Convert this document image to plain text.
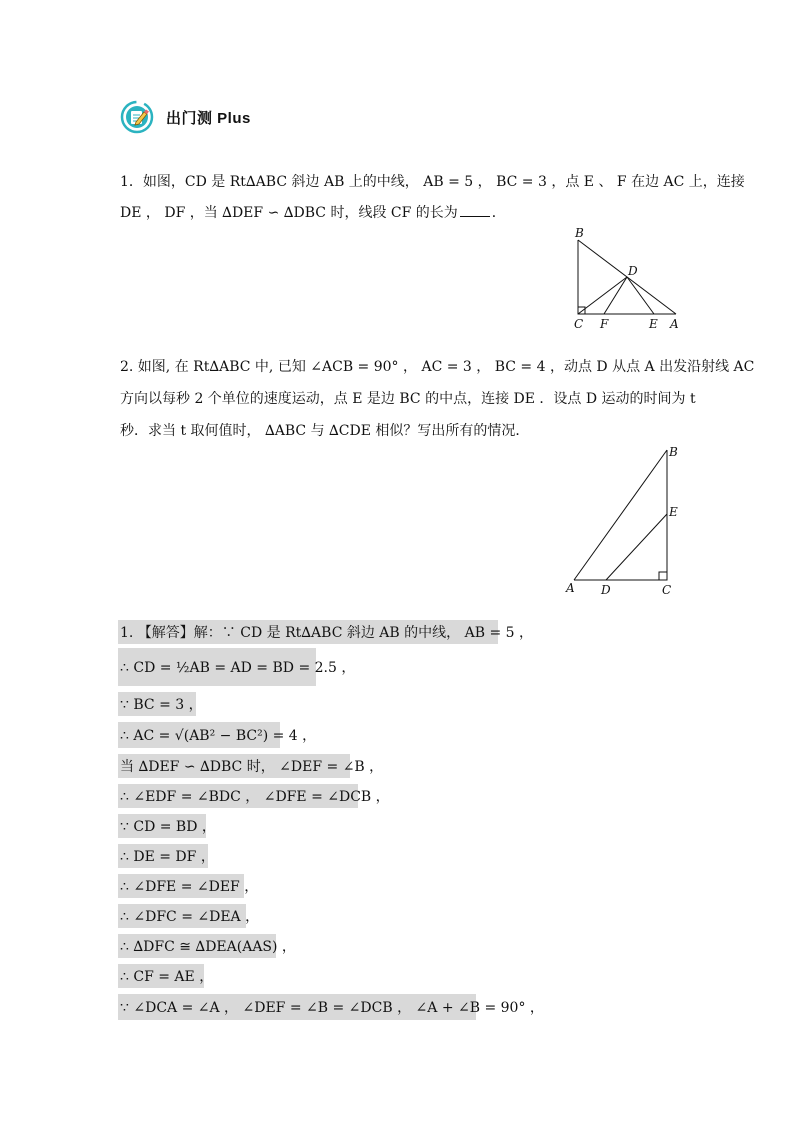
出门测 Plus
1．如图，CD 是 Rt∆ABC 斜边 AB 上的中线， AB = 5 ， BC = 3 ，点 E 、 F 在边 AC 上，连接
DE ， DF ，当 ∆DEF ∽ ∆DBC 时，线段 CF 的长为 ．
B
D
C F	E A
2. 如图, 在 Rt∆ABC 中, 已知 ∠ACB = 90° ， AC = 3 ， BC = 4 ，动点 D 从点 A 出发沿射线 AC
方向以每秒 2 个单位的速度运动，点 E 是边 BC 的中点，连接 DE ．设点 D 运动的时间为 t
秒．求当 t 取何值时， ∆ABC 与 ∆CDE 相似？写出所有的情况．
B
E
A D	C
1. 【解答】解：∵ CD 是 Rt∆ABC 斜边 AB 的中线， AB = 5 ，
∴ CD = ½AB = AD = BD = 2.5 ，
∵ BC = 3 ，
∴ AC = √(AB² − BC²) = 4 ，
当 ∆DEF ∽ ∆DBC 时， ∠DEF = ∠B ，
∴ ∠EDF = ∠BDC ， ∠DFE = ∠DCB ，
∵ CD = BD ，
∴ DE = DF ，
∴ ∠DFE = ∠DEF ，
∴ ∠DFC = ∠DEA ，
∴ ∆DFC ≅ ∆DEA(AAS) ，
∴ CF = AE ，
∵ ∠DCA = ∠A ， ∠DEF = ∠B = ∠DCB ， ∠A + ∠B = 90° ，
